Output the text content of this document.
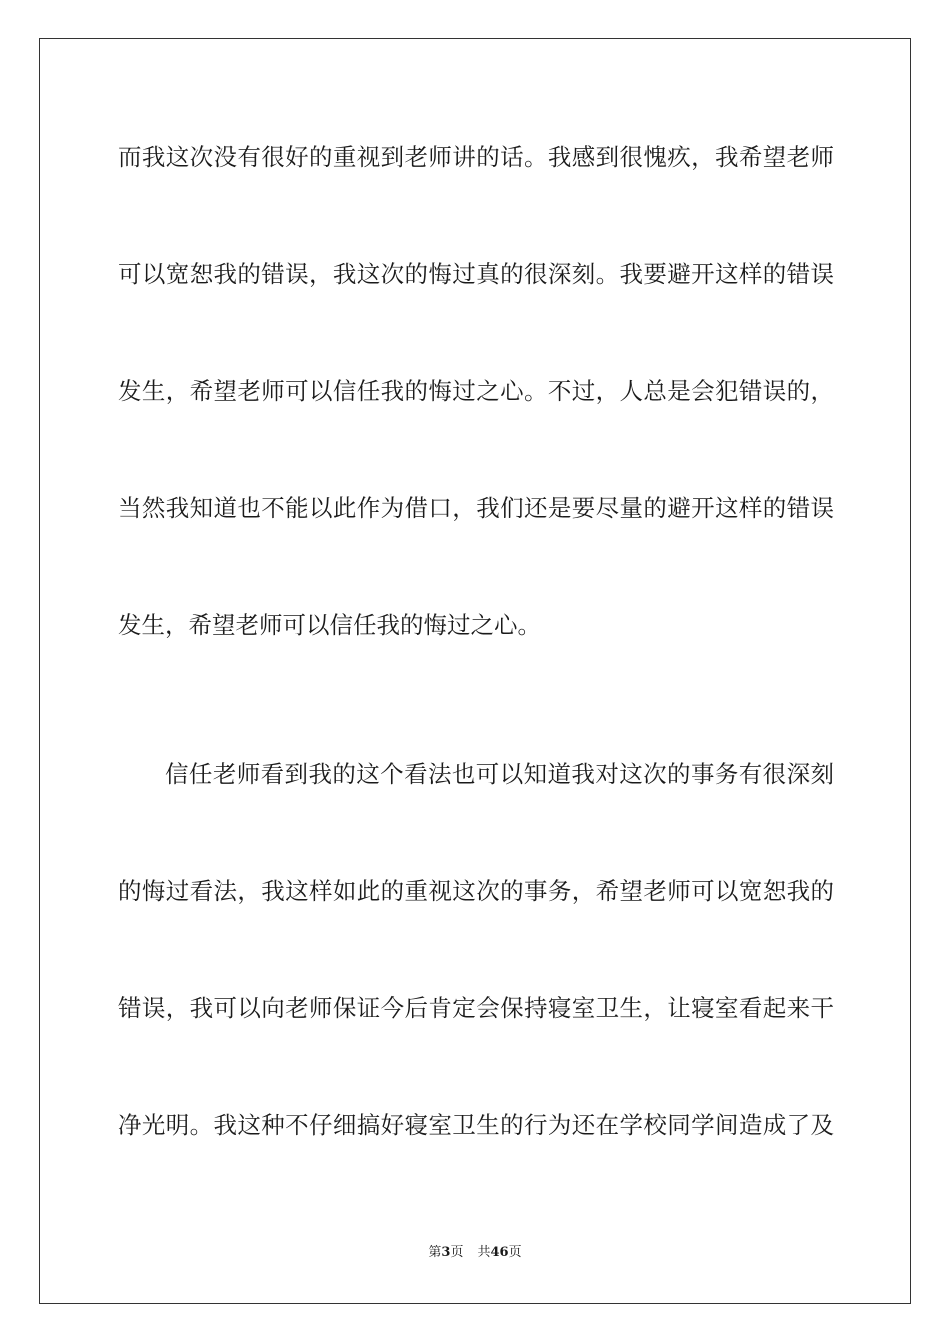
而我这次没有很好的重视到老师讲的话。我感到很愧疚，我希望老师
可以宽恕我的错误，我这次的悔过真的很深刻。我要避开这样的错误
发生，希望老师可以信任我的悔过之心。不过，人总是会犯错误的，
当然我知道也不能以此作为借口，我们还是要尽量的避开这样的错误
发生，希望老师可以信任我的悔过之心。
信任老师看到我的这个看法也可以知道我对这次的事务有很深刻
的悔过看法，我这样如此的重视这次的事务，希望老师可以宽恕我的
错误，我可以向老师保证今后肯定会保持寝室卫生，让寝室看起来干
净光明。我这种不仔细搞好寝室卫生的行为还在学校同学间造成了及
第3页 共46页
